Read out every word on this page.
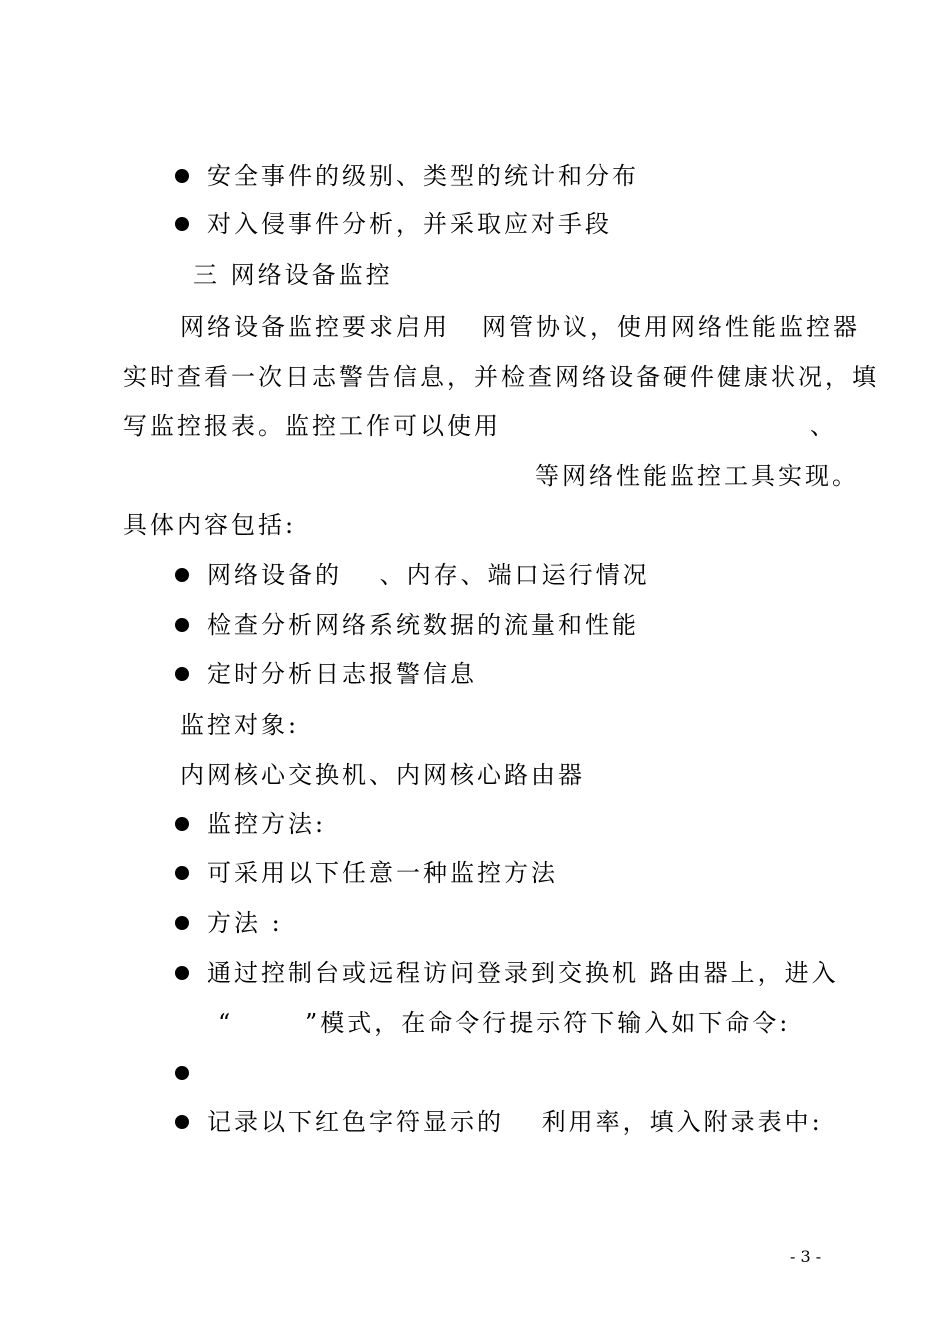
安全事件的级别、类型的统计和分布
对入侵事件分析，并采取应对手段
三 网络设备监控
网络设备监控要求启用 网管协议，使用网络性能监控器
实时查看一次日志警告信息，并检查网络设备硬件健康状况，填
写监控报表。监控工作可以使用	、
等网络性能监控工具实现。
具体内容包括:
网络设备的　 、内存、端口运行情况
检查分析网络系统数据的流量和性能
定时分析日志报警信息
监控对象:
内网核心交换机、内网核心路由器
监控方法:
可采用以下任意一种监控方法
方法 :
通过控制台或远程访问登录到交换机 路由器上，进入
“	”模式，在命令行提示符下输入如下命令:
记录以下红色字符显示的　 利用率，填入附录表中:
- 3 -
